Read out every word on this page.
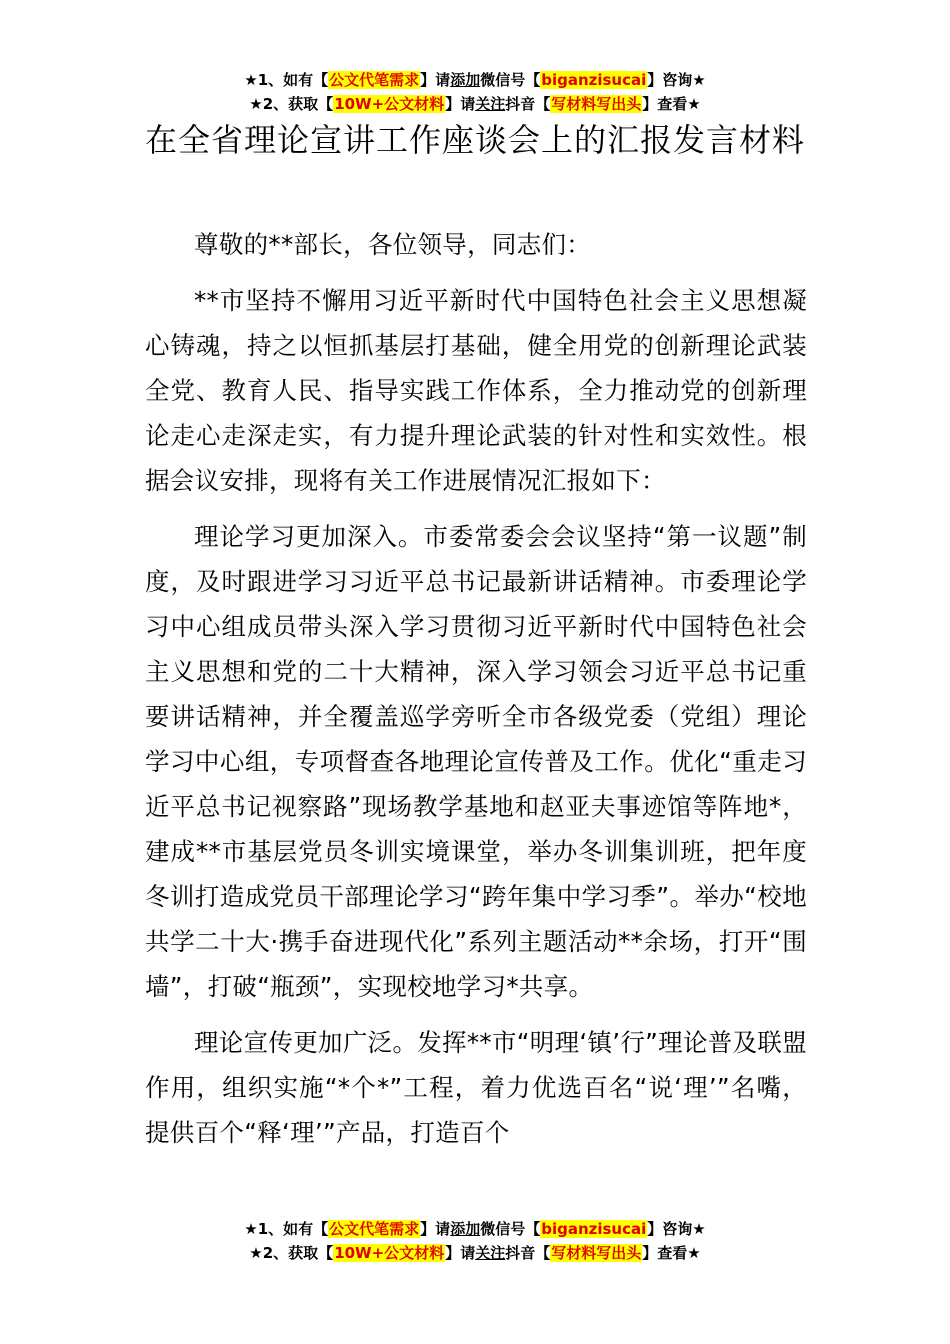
★1、如有【公文代笔需求】请添加微信号【biganzisucai】咨询★
★2、获取【10W+公文材料】请关注抖音【写材料写出头】查看★
在全省理论宣讲工作座谈会上的汇报发言材料

尊敬的**部长，各位领导，同志们：

**市坚持不懈用习近平新时代中国特色社会主义思想凝心铸魂，持之以恒抓基层打基础，健全用党的创新理论武装全党、教育人民、指导实践工作体系，全力推动党的创新理论走心走深走实，有力提升理论武装的针对性和实效性。根据会议安排，现将有关工作进展情况汇报如下：

理论学习更加深入。市委常委会会议坚持“第一议题”制度，及时跟进学习习近平总书记最新讲话精神。市委理论学习中心组成员带头深入学习贯彻习近平新时代中国特色社会主义思想和党的二十大精神，深入学习领会习近平总书记重要讲话精神，并全覆盖巡学旁听全市各级党委（党组）理论学习中心组，专项督查各地理论宣传普及工作。优化“重走习近平总书记视察路”现场教学基地和赵亚夫事迹馆等阵地*，建成**市基层党员冬训实境课堂，举办冬训集训班，把年度冬训打造成党员干部理论学习“跨年集中学习季”。举办“校地共学二十大·携手奋进现代化”系列主题活动**余场，打开“围墙”，打破“瓶颈”，实现校地学习*共享。

理论宣传更加广泛。发挥**市“明理‘镇’行”理论普及联盟作用，组织实施“*个*”工程，着力优选百名“说‘理’”名嘴，提供百个“释‘理’”产品，打造百个

★1、如有【公文代笔需求】请添加微信号【biganzisucai】咨询★
★2、获取【10W+公文材料】请关注抖音【写材料写出头】查看★
